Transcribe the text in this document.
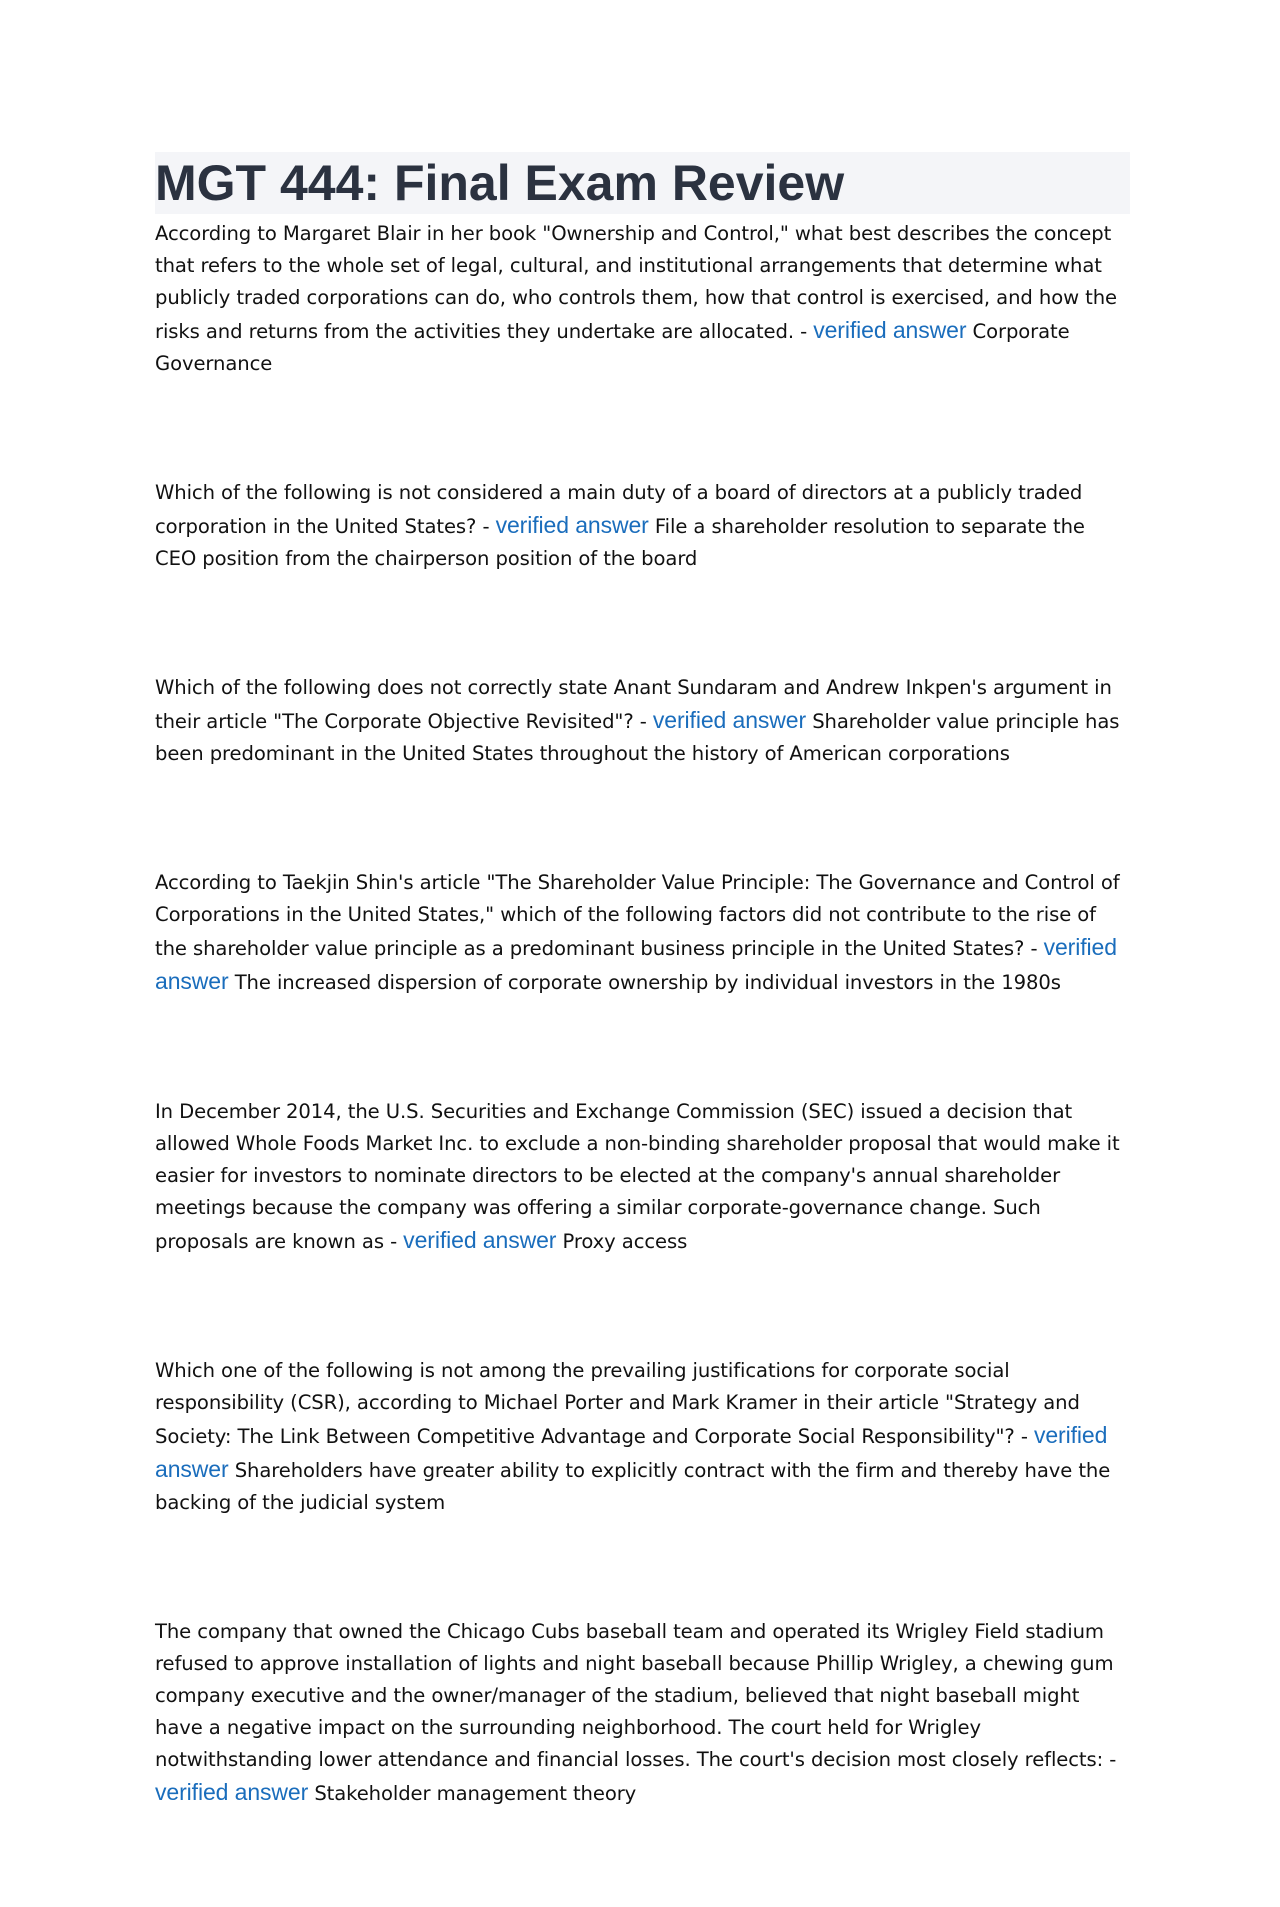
MGT 444: Final Exam Review

According to Margaret Blair in her book "Ownership and Control," what best describes the concept that refers to the whole set of legal, cultural, and institutional arrangements that determine what publicly traded corporations can do, who controls them, how that control is exercised, and how the risks and returns from the activities they undertake are allocated. - verified answer Corporate Governance

Which of the following is not considered a main duty of a board of directors at a publicly traded corporation in the United States? - verified answer File a shareholder resolution to separate the CEO position from the chairperson position of the board

Which of the following does not correctly state Anant Sundaram and Andrew Inkpen's argument in their article "The Corporate Objective Revisited"? - verified answer Shareholder value principle has been predominant in the United States throughout the history of American corporations

According to Taekjin Shin's article "The Shareholder Value Principle: The Governance and Control of Corporations in the United States," which of the following factors did not contribute to the rise of the shareholder value principle as a predominant business principle in the United States? - verified answer The increased dispersion of corporate ownership by individual investors in the 1980s

In December 2014, the U.S. Securities and Exchange Commission (SEC) issued a decision that allowed Whole Foods Market Inc. to exclude a non-binding shareholder proposal that would make it easier for investors to nominate directors to be elected at the company's annual shareholder meetings because the company was offering a similar corporate-governance change. Such proposals are known as - verified answer Proxy access

Which one of the following is not among the prevailing justifications for corporate social responsibility (CSR), according to Michael Porter and Mark Kramer in their article "Strategy and Society: The Link Between Competitive Advantage and Corporate Social Responsibility"? - verified answer Shareholders have greater ability to explicitly contract with the firm and thereby have the backing of the judicial system

The company that owned the Chicago Cubs baseball team and operated its Wrigley Field stadium refused to approve installation of lights and night baseball because Phillip Wrigley, a chewing gum company executive and the owner/manager of the stadium, believed that night baseball might have a negative impact on the surrounding neighborhood. The court held for Wrigley notwithstanding lower attendance and financial losses. The court's decision most closely reflects: - verified answer Stakeholder management theory
